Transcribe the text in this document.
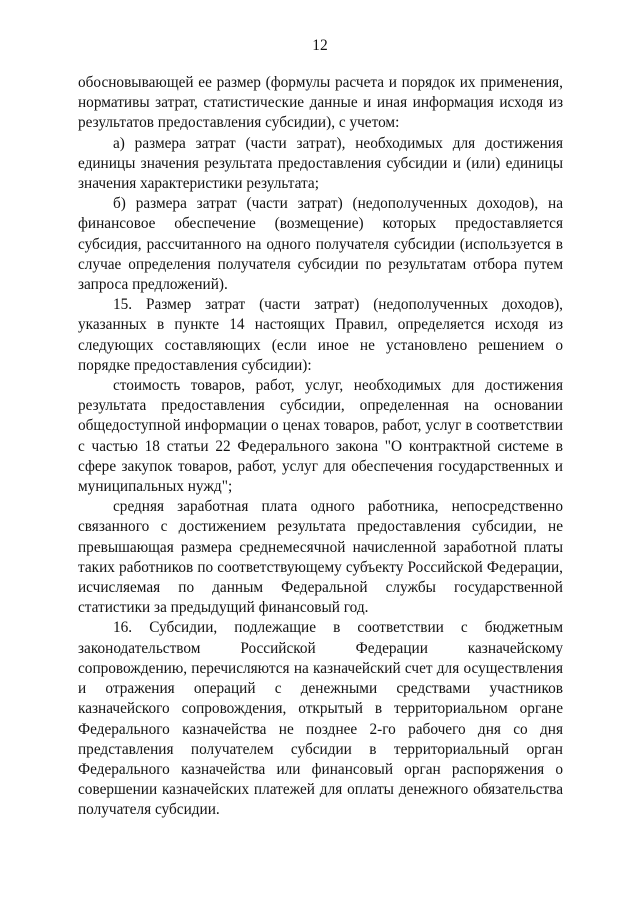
12

обосновывающей ее размер (формулы расчета и порядок их применения, нормативы затрат, статистические данные и иная информация исходя из результатов предоставления субсидии), с учетом:

а) размера затрат (части затрат), необходимых для достижения единицы значения результата предоставления субсидии и (или) единицы значения характеристики результата;

б) размера затрат (части затрат) (недополученных доходов), на финансовое обеспечение (возмещение) которых предоставляется субсидия, рассчитанного на одного получателя субсидии (используется в случае определения получателя субсидии по результатам отбора путем запроса предложений).

15. Размер затрат (части затрат) (недополученных доходов), указанных в пункте 14 настоящих Правил, определяется исходя из следующих составляющих (если иное не установлено решением о порядке предоставления субсидии):

стоимость товаров, работ, услуг, необходимых для достижения результата предоставления субсидии, определенная на основании общедоступной информации о ценах товаров, работ, услуг в соответствии с частью 18 статьи 22 Федерального закона "О контрактной системе в сфере закупок товаров, работ, услуг для обеспечения государственных и муниципальных нужд";

средняя заработная плата одного работника, непосредственно связанного с достижением результата предоставления субсидии, не превышающая размера среднемесячной начисленной заработной платы таких работников по соответствующему субъекту Российской Федерации, исчисляемая по данным Федеральной службы государственной статистики за предыдущий финансовый год.

16. Субсидии, подлежащие в соответствии с бюджетным законодательством Российской Федерации казначейскому сопровождению, перечисляются на казначейский счет для осуществления и отражения операций с денежными средствами участников казначейского сопровождения, открытый в территориальном органе Федерального казначейства не позднее 2-го рабочего дня со дня представления получателем субсидии в территориальный орган Федерального казначейства или финансовый орган распоряжения о совершении казначейских платежей для оплаты денежного обязательства получателя субсидии.
